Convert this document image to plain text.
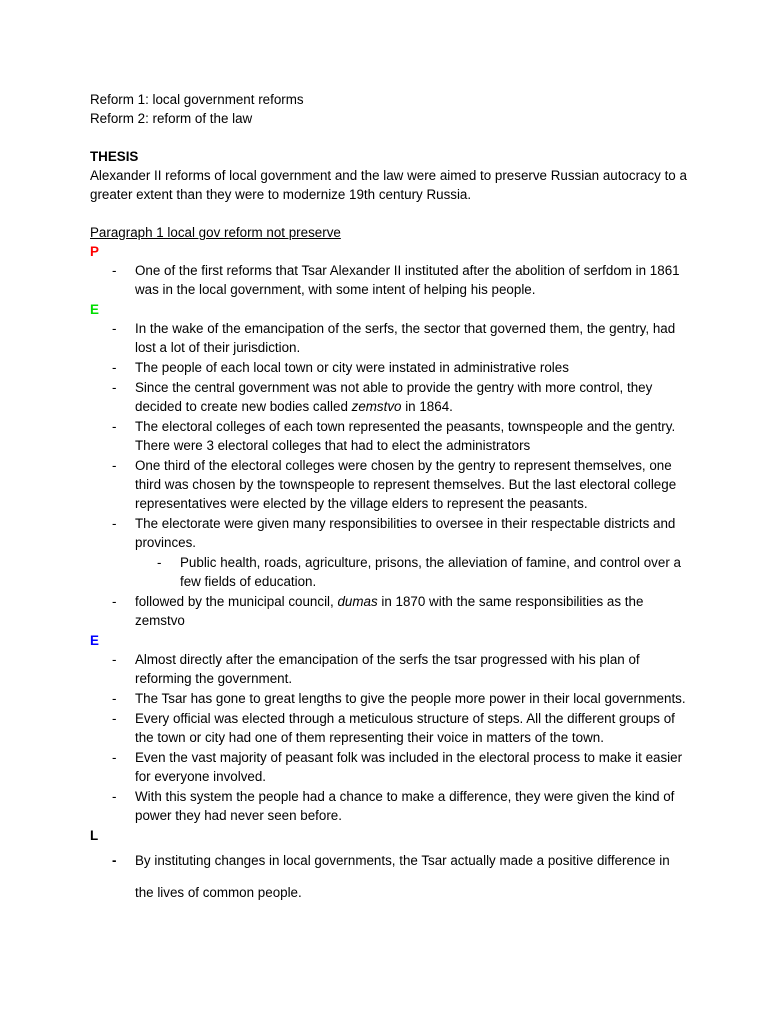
Reform 1: local government reforms

Reform 2: reform of the law

THESIS

Alexander II reforms of local government and the law were aimed to preserve Russian autocracy to a greater extent than they were to modernize 19th century Russia.

Paragraph 1 local gov reform not preserve

P

- One of the first reforms that Tsar Alexander II instituted after the abolition of serfdom in 1861 was in the local government, with some intent of helping his people.

E

- In the wake of the emancipation of the serfs, the sector that governed them, the gentry, had lost a lot of their jurisdiction.
- The people of each local town or city were instated in administrative roles
- Since the central government was not able to provide the gentry with more control, they decided to create new bodies called zemstvo in 1864.
- The electoral colleges of each town represented the peasants, townspeople and the gentry. There were 3 electoral colleges that had to elect the administrators
- One third of the electoral colleges were chosen by the gentry to represent themselves, one third was chosen by the townspeople to represent themselves. But the last electoral college representatives were elected by the village elders to represent the peasants.
- The electorate were given many responsibilities to oversee in their respectable districts and provinces.
- Public health, roads, agriculture, prisons, the alleviation of famine, and control over a few fields of education.
- followed by the municipal council, dumas in 1870 with the same responsibilities as the zemstvo

E

- Almost directly after the emancipation of the serfs the tsar progressed with his plan of reforming the government.
- The Tsar has gone to great lengths to give the people more power in their local governments.
- Every official was elected through a meticulous structure of steps. All the different groups of the town or city had one of them representing their voice in matters of the town.
- Even the vast majority of peasant folk was included in the electoral process to make it easier for everyone involved.
- With this system the people had a chance to make a difference, they were given the kind of power they had never seen before.

L

- By instituting changes in local governments, the Tsar actually made a positive difference in the lives of common people.
